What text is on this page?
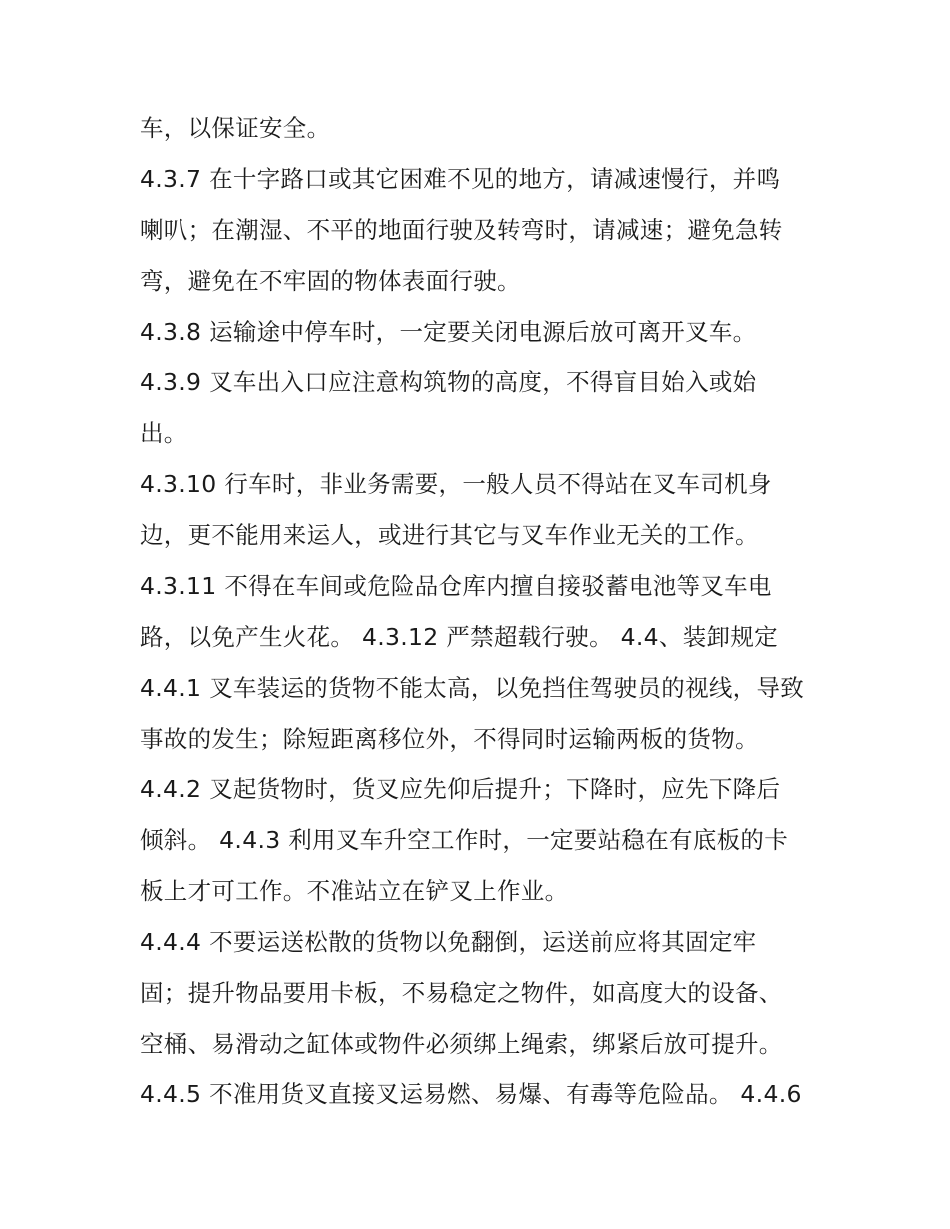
车，以保证安全。
4.3.7 在十字路口或其它困难不见的地方，请减速慢行，并鸣
喇叭；在潮湿、不平的地面行驶及转弯时，请减速；避免急转
弯，避免在不牢固的物体表面行驶。
4.3.8 运输途中停车时，一定要关闭电源后放可离开叉车。
4.3.9 叉车出入口应注意构筑物的高度，不得盲目始入或始
出。
4.3.10 行车时，非业务需要，一般人员不得站在叉车司机身
边，更不能用来运人，或进行其它与叉车作业无关的工作。
4.3.11 不得在车间或危险品仓库内擅自接驳蓄电池等叉车电
路，以免产生火花。 4.3.12 严禁超载行驶。 4.4、装卸规定
4.4.1 叉车装运的货物不能太高，以免挡住驾驶员的视线，导致
事故的发生；除短距离移位外，不得同时运输两板的货物。
4.4.2 叉起货物时，货叉应先仰后提升；下降时，应先下降后
倾斜。 4.4.3 利用叉车升空工作时，一定要站稳在有底板的卡
板上才可工作。不准站立在铲叉上作业。
4.4.4 不要运送松散的货物以免翻倒，运送前应将其固定牢
固；提升物品要用卡板，不易稳定之物件，如高度大的设备、
空桶、易滑动之缸体或物件必须绑上绳索，绑紧后放可提升。
4.4.5 不准用货叉直接叉运易燃、易爆、有毒等危险品。 4.4.6
